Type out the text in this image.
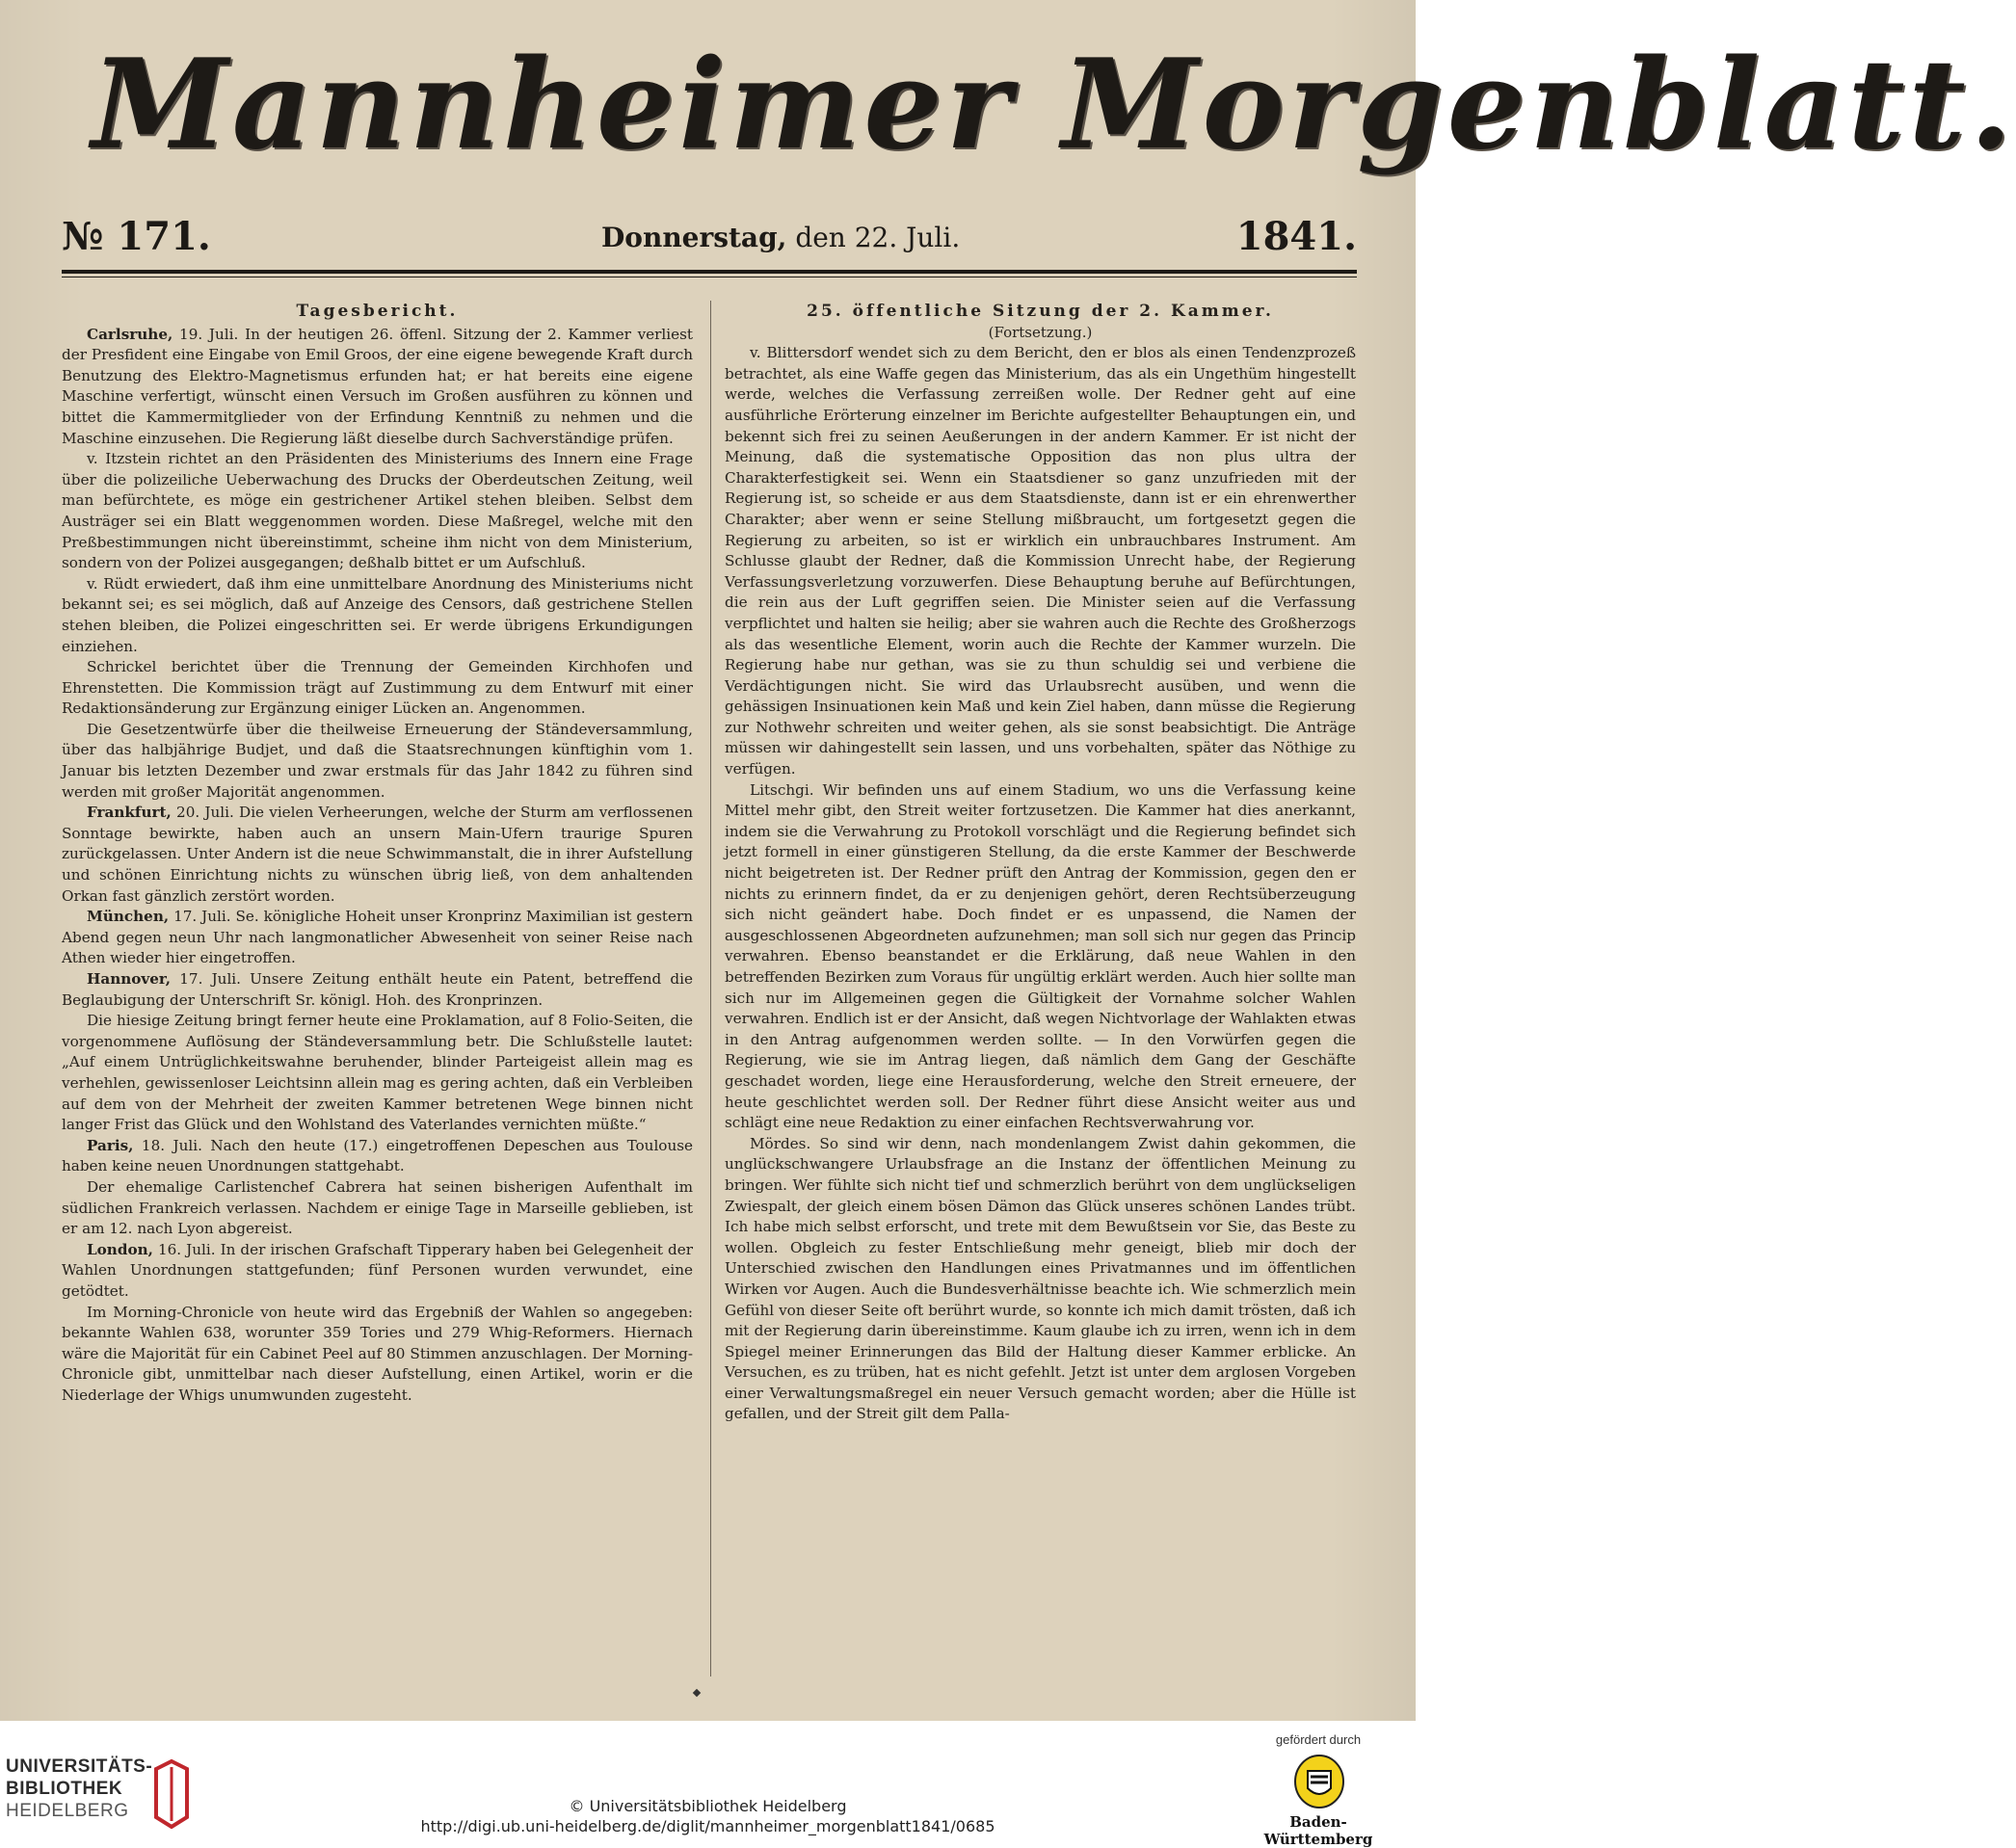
Mannheimer Morgenblatt.
№ 171.	Donnerstag, den 22. Juli.	1841.
Tagesbericht.

Carlsruhe, 19. Juli. In der heutigen 26. öffenl. Sitzung der 2. Kammer verliest der Presfident eine Eingabe von Emil Groos, der eine eigene bewegende Kraft durch Benutzung des Elektro-Magnetismus erfunden hat; er hat bereits eine eigene Maschine verfertigt, wünscht einen Versuch im Großen ausführen zu können und bittet die Kammermitglieder von der Erfindung Kenntniß zu nehmen und die Maschine einzusehen. Die Regierung läßt dieselbe durch Sachverständige prüfen.

v. Itzstein richtet an den Präsidenten des Ministeriums des Innern eine Frage über die polizeiliche Ueberwachung des Drucks der Oberdeutschen Zeitung, weil man befürchtete, es möge ein gestrichener Artikel stehen bleiben. Selbst dem Austräger sei ein Blatt weggenommen worden. Diese Maßregel, welche mit den Preßbestimmungen nicht übereinstimmt, scheine ihm nicht von dem Ministerium, sondern von der Polizei ausgegangen; deßhalb bittet er um Aufschluß.

v. Rüdt erwiedert, daß ihm eine unmittelbare Anordnung des Ministeriums nicht bekannt sei; es sei möglich, daß auf Anzeige des Censors, daß gestrichene Stellen stehen bleiben, die Polizei eingeschritten sei. Er werde übrigens Erkundigungen einziehen.

Schrickel berichtet über die Trennung der Gemeinden Kirchhofen und Ehrenstetten. Die Kommission trägt auf Zustimmung zu dem Entwurf mit einer Redaktionsänderung zur Ergänzung einiger Lücken an. Angenommen.

Die Gesetzentwürfe über die theilweise Erneuerung der Ständeversammlung, über das halbjährige Budjet, und daß die Staatsrechnungen künftighin vom 1. Januar bis letzten Dezember und zwar erstmals für das Jahr 1842 zu führen sind werden mit großer Majorität angenommen.

Frankfurt, 20. Juli. Die vielen Verheerungen, welche der Sturm am verflossenen Sonntage bewirkte, haben auch an unsern Main-Ufern traurige Spuren zurückgelassen. Unter Andern ist die neue Schwimmanstalt, die in ihrer Aufstellung und schönen Einrichtung nichts zu wünschen übrig ließ, von dem anhaltenden Orkan fast gänzlich zerstört worden.

München, 17. Juli. Se. königliche Hoheit unser Kronprinz Maximilian ist gestern Abend gegen neun Uhr nach langmonatlicher Abwesenheit von seiner Reise nach Athen wieder hier eingetroffen.

Hannover, 17. Juli. Unsere Zeitung enthält heute ein Patent, betreffend die Beglaubigung der Unterschrift Sr. königl. Hoh. des Kronprinzen.

Die hiesige Zeitung bringt ferner heute eine Proklamation, auf 8 Folio-Seiten, die vorgenommene Auflösung der Ständeversammlung betr. Die Schlußstelle lautet: „Auf einem Untrüglichkeitswahne beruhender, blinder Parteigeist allein mag es verhehlen, gewissenloser Leichtsinn allein mag es gering achten, daß ein Verbleiben auf dem von der Mehrheit der zweiten Kammer betretenen Wege binnen nicht langer Frist das Glück und den Wohlstand des Vaterlandes vernichten müßte.“

Paris, 18. Juli. Nach den heute (17.) eingetroffenen Depeschen aus Toulouse haben keine neuen Unordnungen stattgehabt.

Der ehemalige Carlistenchef Cabrera hat seinen bisherigen Aufenthalt im südlichen Frankreich verlassen. Nachdem er einige Tage in Marseille geblieben, ist er am 12. nach Lyon abgereist.

London, 16. Juli. In der irischen Grafschaft Tipperary haben bei Gelegenheit der Wahlen Unordnungen stattgefunden; fünf Personen wurden verwundet, eine getödtet.

Im Morning-Chronicle von heute wird das Ergebniß der Wahlen so angegeben: bekannte Wahlen 638, worunter 359 Tories und 279 Whig-Reformers. Hiernach wäre die Majorität für ein Cabinet Peel auf 80 Stimmen anzuschlagen. Der Morning-Chronicle gibt, unmittelbar nach dieser Aufstellung, einen Artikel, worin er die Niederlage der Whigs unumwunden zugesteht.

25. öffentliche Sitzung der 2. Kammer.
(Fortsetzung.)

v. Blittersdorf wendet sich zu dem Bericht, den er blos als einen Tendenzprozeß betrachtet, als eine Waffe gegen das Ministerium, das als ein Ungethüm hingestellt werde, welches die Verfassung zerreißen wolle. Der Redner geht auf eine ausführliche Erörterung einzelner im Berichte aufgestellter Behauptungen ein, und bekennt sich frei zu seinen Aeußerungen in der andern Kammer. Er ist nicht der Meinung, daß die systematische Opposition das non plus ultra der Charakterfestigkeit sei. Wenn ein Staatsdiener so ganz unzufrieden mit der Regierung ist, so scheide er aus dem Staatsdienste, dann ist er ein ehrenwerther Charakter; aber wenn er seine Stellung mißbraucht, um fortgesetzt gegen die Regierung zu arbeiten, so ist er wirklich ein unbrauchbares Instrument. Am Schlusse glaubt der Redner, daß die Kommission Unrecht habe, der Regierung Verfassungsverletzung vorzuwerfen. Diese Behauptung beruhe auf Befürchtungen, die rein aus der Luft gegriffen seien. Die Minister seien auf die Verfassung verpflichtet und halten sie heilig; aber sie wahren auch die Rechte des Großherzogs als das wesentliche Element, worin auch die Rechte der Kammer wurzeln. Die Regierung habe nur gethan, was sie zu thun schuldig sei und verbiene die Verdächtigungen nicht. Sie wird das Urlaubsrecht ausüben, und wenn die gehässigen Insinuationen kein Maß und kein Ziel haben, dann müsse die Regierung zur Nothwehr schreiten und weiter gehen, als sie sonst beabsichtigt. Die Anträge müssen wir dahingestellt sein lassen, und uns vorbehalten, später das Nöthige zu verfügen.

Litschgi. Wir befinden uns auf einem Stadium, wo uns die Verfassung keine Mittel mehr gibt, den Streit weiter fortzusetzen. Die Kammer hat dies anerkannt, indem sie die Verwahrung zu Protokoll vorschlägt und die Regierung befindet sich jetzt formell in einer günstigeren Stellung, da die erste Kammer der Beschwerde nicht beigetreten ist. Der Redner prüft den Antrag der Kommission, gegen den er nichts zu erinnern findet, da er zu denjenigen gehört, deren Rechtsüberzeugung sich nicht geändert habe. Doch findet er es unpassend, die Namen der ausgeschlossenen Abgeordneten aufzunehmen; man soll sich nur gegen das Princip verwahren. Ebenso beanstandet er die Erklärung, daß neue Wahlen in den betreffenden Bezirken zum Voraus für ungültig erklärt werden. Auch hier sollte man sich nur im Allgemeinen gegen die Gültigkeit der Vornahme solcher Wahlen verwahren. Endlich ist er der Ansicht, daß wegen Nichtvorlage der Wahlakten etwas in den Antrag aufgenommen werden sollte. — In den Vorwürfen gegen die Regierung, wie sie im Antrag liegen, daß nämlich dem Gang der Geschäfte geschadet worden, liege eine Herausforderung, welche den Streit erneuere, der heute geschlichtet werden soll. Der Redner führt diese Ansicht weiter aus und schlägt eine neue Redaktion zu einer einfachen Rechtsverwahrung vor.

Mördes. So sind wir denn, nach mondenlangem Zwist dahin gekommen, die unglückschwangere Urlaubsfrage an die Instanz der öffentlichen Meinung zu bringen. Wer fühlte sich nicht tief und schmerzlich berührt von dem unglückseligen Zwiespalt, der gleich einem bösen Dämon das Glück unseres schönen Landes trübt. Ich habe mich selbst erforscht, und trete mit dem Bewußtsein vor Sie, das Beste zu wollen. Obgleich zu fester Entschließung mehr geneigt, blieb mir doch der Unterschied zwischen den Handlungen eines Privatmannes und im öffentlichen Wirken vor Augen. Auch die Bundesverhältnisse beachte ich. Wie schmerzlich mein Gefühl von dieser Seite oft berührt wurde, so konnte ich mich damit trösten, daß ich mit der Regierung darin übereinstimme. Kaum glaube ich zu irren, wenn ich in dem Spiegel meiner Erinnerungen das Bild der Haltung dieser Kammer erblicke. An Versuchen, es zu trüben, hat es nicht gefehlt. Jetzt ist unter dem arglosen Vorgeben einer Verwaltungsmaßregel ein neuer Versuch gemacht worden; aber die Hülle ist gefallen, und der Streit gilt dem Palla-

UNIVERSITÄTS-
BIBLIOTHEK
HEIDELBERG
gefördert durch
Baden-Württemberg
© Universitätsbibliothek Heidelberg
http://digi.ub.uni-heidelberg.de/diglit/mannheimer_morgenblatt1841/0685
